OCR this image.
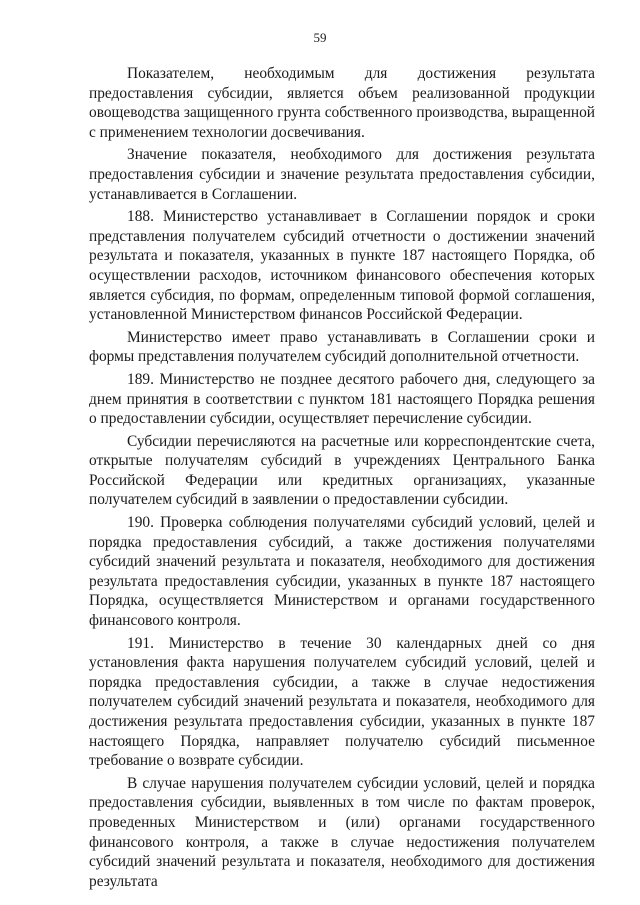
59

Показателем, необходимым для достижения результата предоставления субсидии, является объем реализованной продукции овощеводства защищенного грунта собственного производства, выращенной с применением технологии досвечивания.

Значение показателя, необходимого для достижения результата предоставления субсидии и значение результата предоставления субсидии, устанавливается в Соглашении.

188. Министерство устанавливает в Соглашении порядок и сроки представления получателем субсидий отчетности о достижении значений результата и показателя, указанных в пункте 187 настоящего Порядка, об осуществлении расходов, источником финансового обеспечения которых является субсидия, по формам, определенным типовой формой соглашения, установленной Министерством финансов Российской Федерации.

Министерство имеет право устанавливать в Соглашении сроки и формы представления получателем субсидий дополнительной отчетности.

189. Министерство не позднее десятого рабочего дня, следующего за днем принятия в соответствии с пунктом 181 настоящего Порядка решения о предоставлении субсидии, осуществляет перечисление субсидии.

Субсидии перечисляются на расчетные или корреспондентские счета, открытые получателям субсидий в учреждениях Центрального Банка Российской Федерации или кредитных организациях, указанные получателем субсидий в заявлении о предоставлении субсидии.

190. Проверка соблюдения получателями субсидий условий, целей и порядка предоставления субсидий, а также достижения получателями субсидий значений результата и показателя, необходимого для достижения результата предоставления субсидии, указанных в пункте 187 настоящего Порядка, осуществляется Министерством и органами государственного финансового контроля.

191. Министерство в течение 30 календарных дней со дня установления факта нарушения получателем субсидий условий, целей и порядка предоставления субсидии, а также в случае недостижения получателем субсидий значений результата и показателя, необходимого для достижения результата предоставления субсидии, указанных в пункте 187 настоящего Порядка, направляет получателю субсидий письменное требование о возврате субсидии.

В случае нарушения получателем субсидии условий, целей и порядка предоставления субсидии, выявленных в том числе по фактам проверок, проведенных Министерством и (или) органами государственного финансового контроля, а также в случае недостижения получателем субсидий значений результата и показателя, необходимого для достижения результата
